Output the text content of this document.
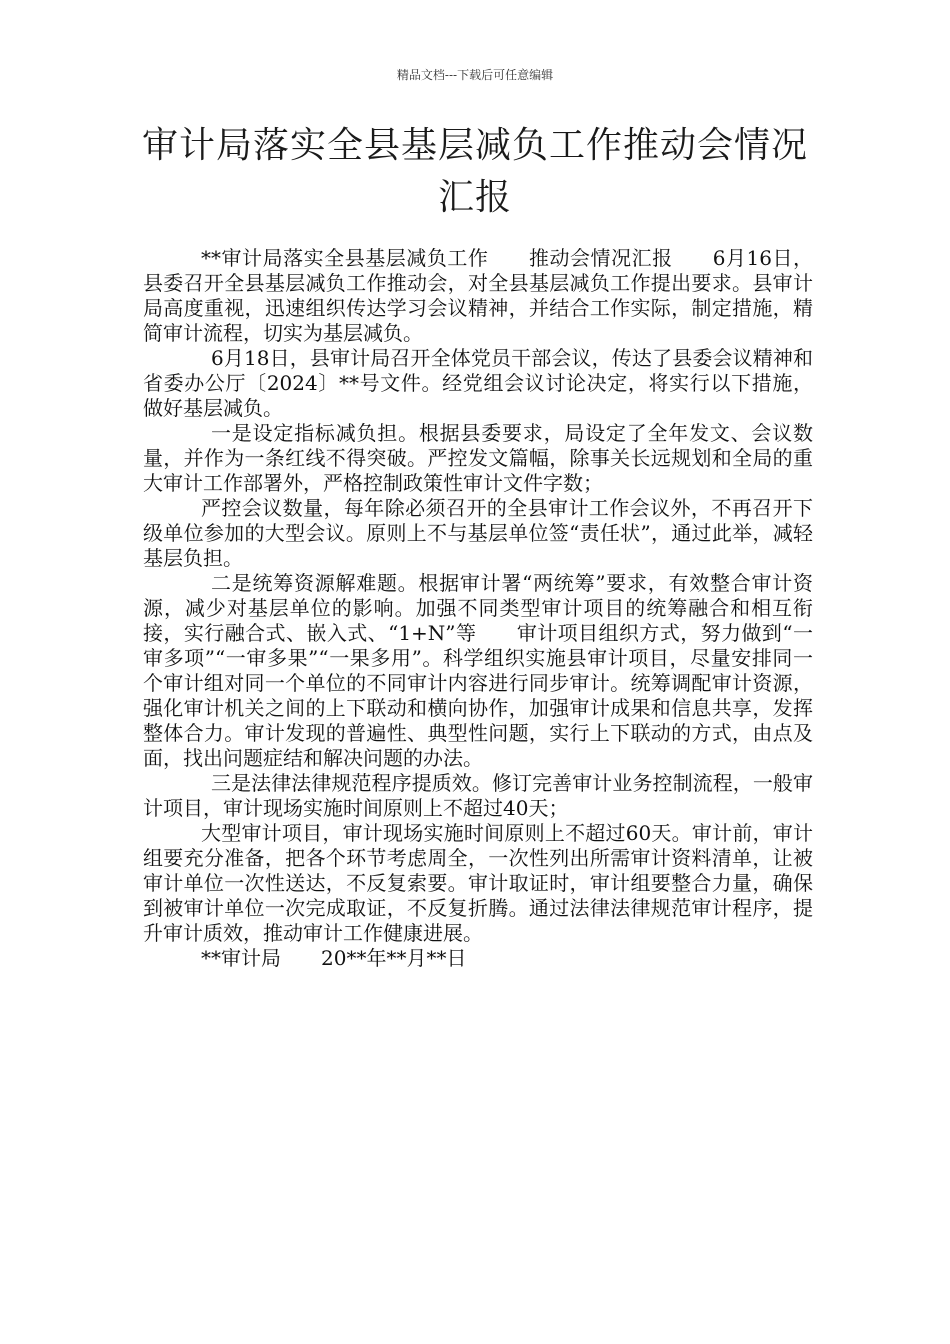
精品文档---下载后可任意编辑
审计局落实全县基层减负工作推动会情况汇报

**审计局落实全县基层减负工作 推动会情况汇报 6月16日，县委召开全县基层减负工作推动会，对全县基层减负工作提出要求。县审计局高度重视，迅速组织传达学习会议精神，并结合工作实际，制定措施，精简审计流程，切实为基层减负。

6月18日，县审计局召开全体党员干部会议，传达了县委会议精神和省委办公厅〔2024〕**号文件。经党组会议讨论决定，将实行以下措施，做好基层减负。

一是设定指标减负担。根据县委要求，局设定了全年发文、会议数量，并作为一条红线不得突破。严控发文篇幅，除事关长远规划和全局的重大审计工作部署外，严格控制政策性审计文件字数；

严控会议数量，每年除必须召开的全县审计工作会议外，不再召开下级单位参加的大型会议。原则上不与基层单位签“责任状”，通过此举，减轻基层负担。

二是统筹资源解难题。根据审计署“两统筹”要求，有效整合审计资源，减少对基层单位的影响。加强不同类型审计项目的统筹融合和相互衔接，实行融合式、嵌入式、“1+N”等 审计项目组织方式，努力做到“一审多项”“一审多果”“一果多用”。科学组织实施县审计项目，尽量安排同一个审计组对同一个单位的不同审计内容进行同步审计。统筹调配审计资源，强化审计机关之间的上下联动和横向协作，加强审计成果和信息共享，发挥整体合力。审计发现的普遍性、典型性问题，实行上下联动的方式，由点及面，找出问题症结和解决问题的办法。

三是法律法律规范程序提质效。修订完善审计业务控制流程，一般审计项目，审计现场实施时间原则上不超过40天；

大型审计项目，审计现场实施时间原则上不超过60天。审计前，审计组要充分准备，把各个环节考虑周全，一次性列出所需审计资料清单，让被审计单位一次性送达，不反复索要。审计取证时，审计组要整合力量，确保到被审计单位一次完成取证，不反复折腾。通过法律法律规范审计程序，提升审计质效，推动审计工作健康进展。

**审计局 20**年**月**日
